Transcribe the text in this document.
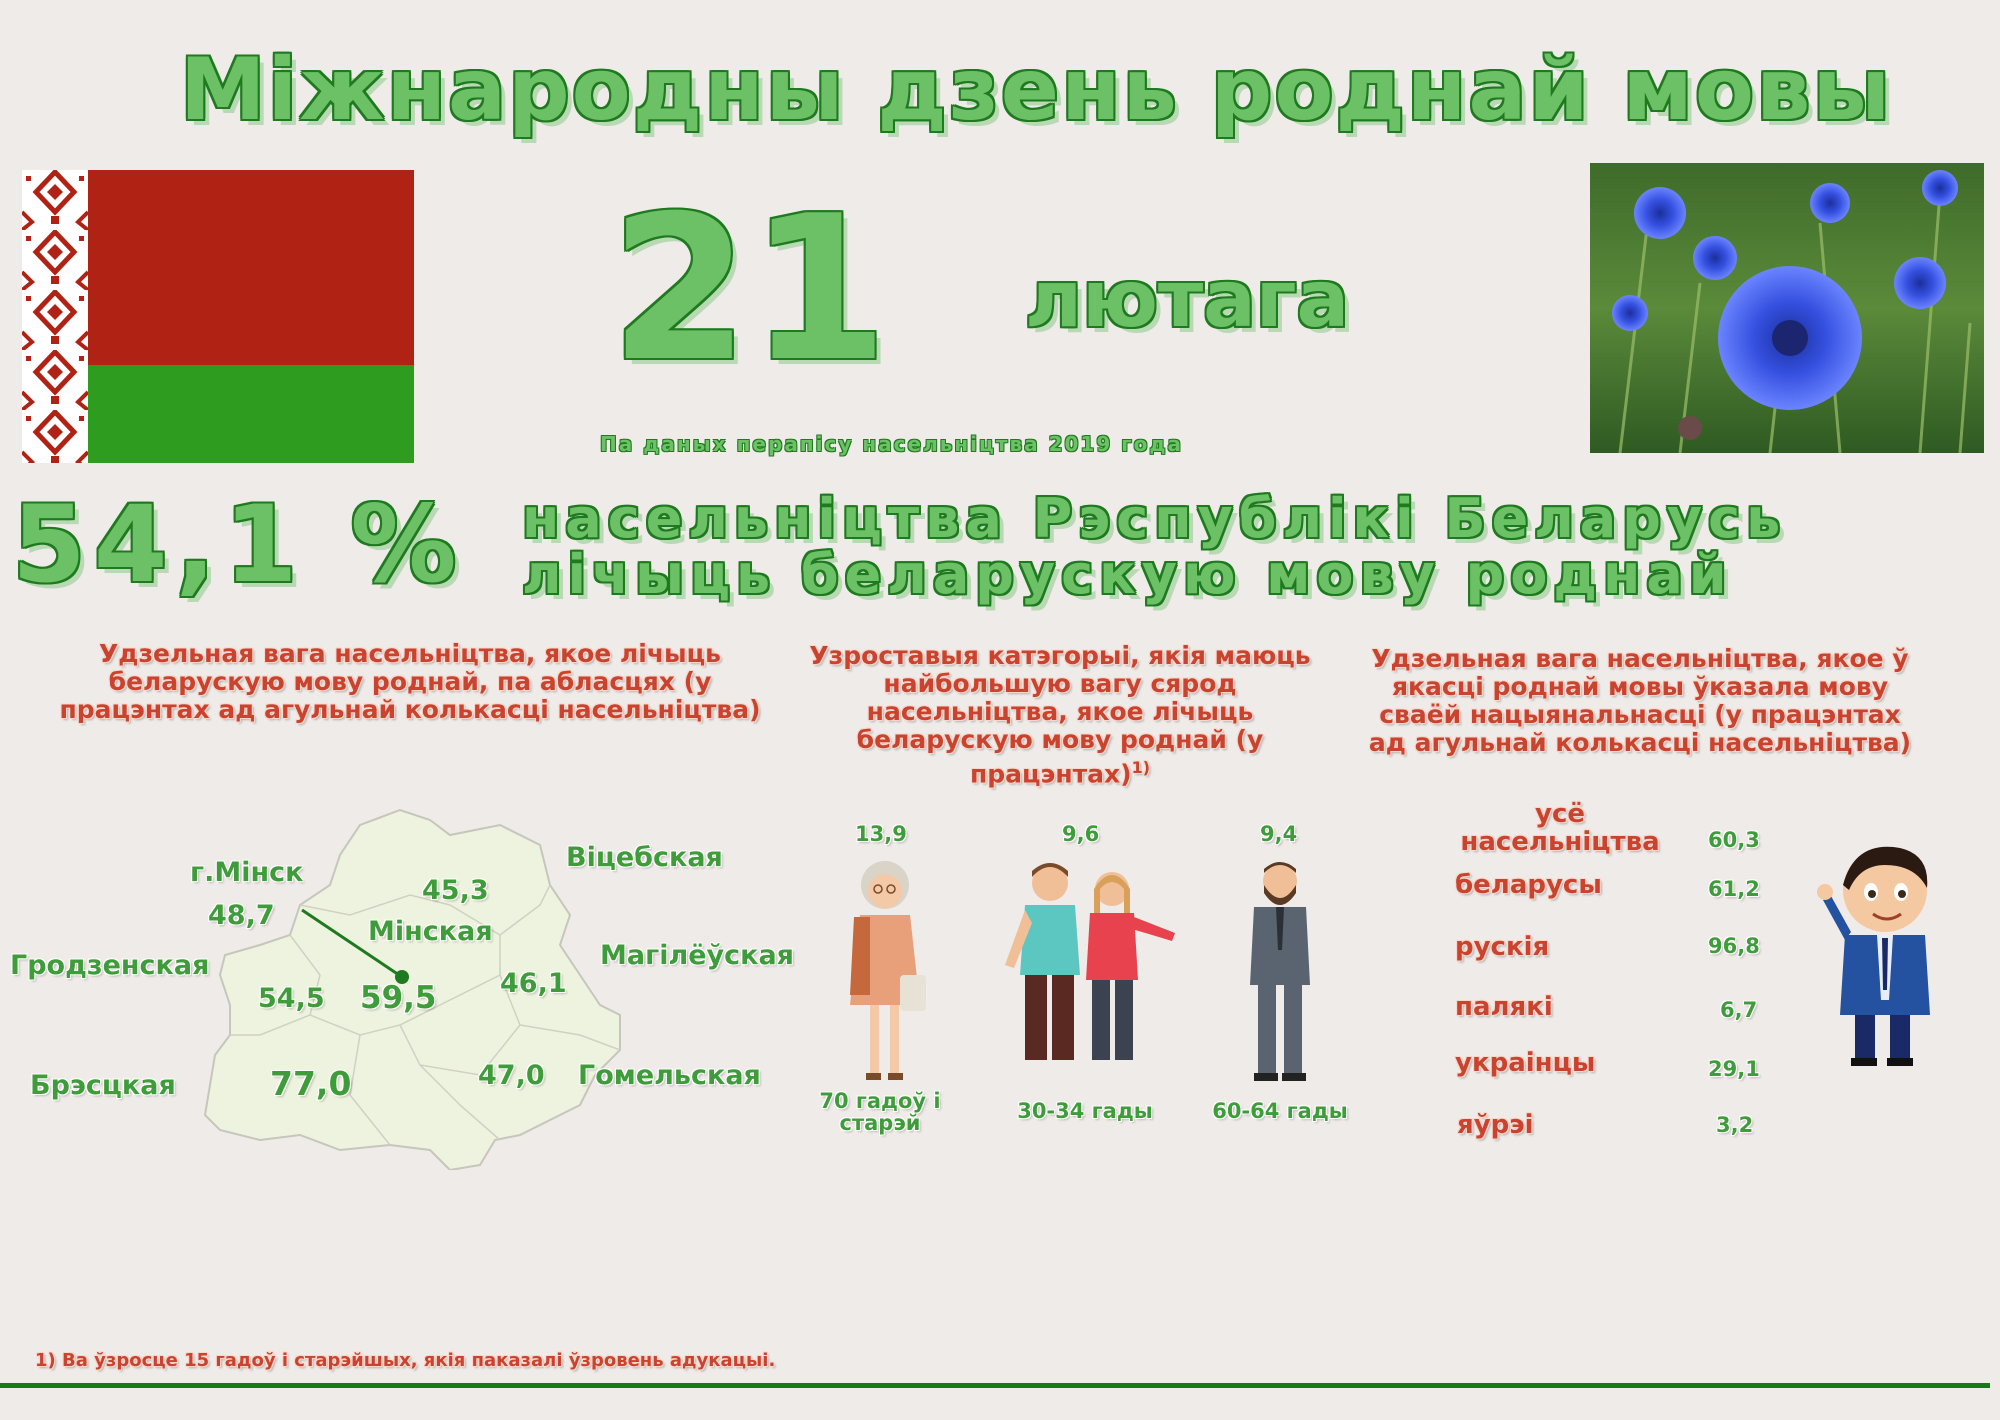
Міжнародны дзень роднай мовы
21 лютага
Па даных перапісу насельніцтва 2019 года
54,1 % насельніцтва Рэспублікі Беларусь
лічыць беларускую мову роднай
Удзельная вага насельніцтва, якое лічыць беларускую мову роднай, па абласцях (у працэнтах ад агульнай колькасці насельніцтва)
Узроставыя катэгорыі, якія маюць найбольшую вагу сярод насельніцтва, якое лічыць беларускую мову роднай (у працэнтах)$^{1)}$
Удзельная вага насельніцтва, якое ў якасці роднай мовы ўказала мову сваёй нацыянальнасці (у працэнтах ад агульнай колькасці насельніцтва)
Віцебская
45,3
г.Мінск
48,7
Мінская
59,5
Магілёўская
46,1
Гродзенская
54,5
Брэсцкая	77,0	Гомельская
47,0
13,9	9,6	9,4
70 гадоў і
старэй	30-34 гады	60-64 гады
усё
насельніцтва 60,3
беларусы	61,2
рускія	96,8
палякі	6,7
украінцы	29,1
яўрэі	3,2
1) Ва ўзросце 15 гадоў і старэйшых, якія паказалі ўзровень адукацыі.
